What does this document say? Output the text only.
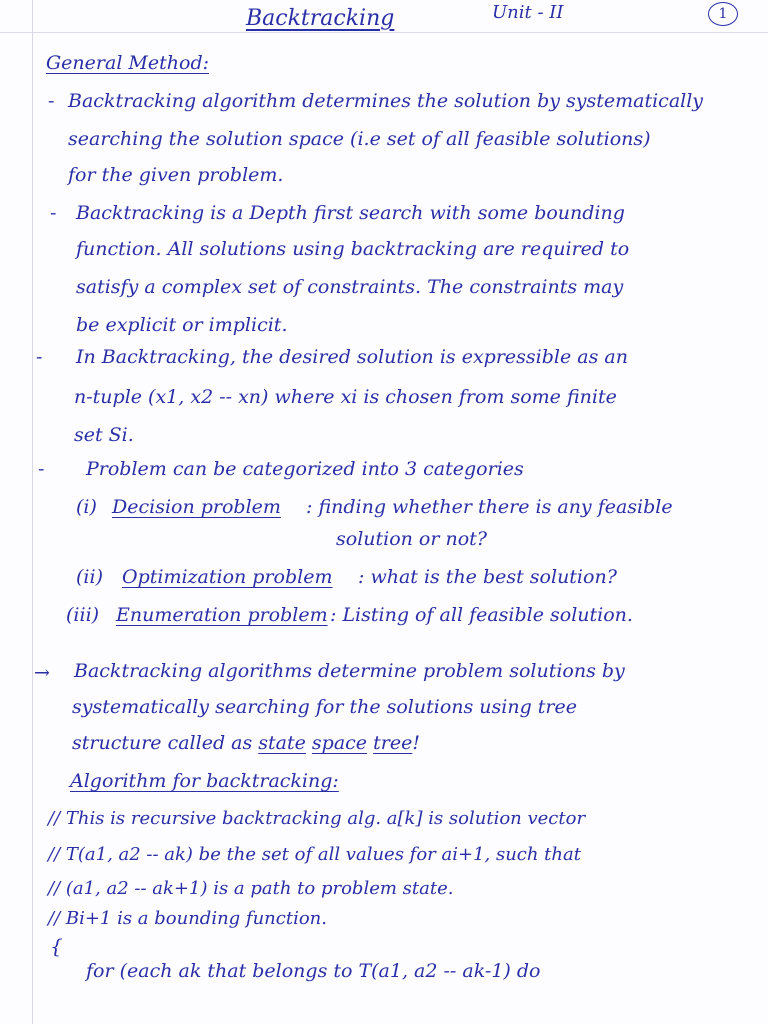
Backtracking	Unit - II	1
General Method:
- Backtracking algorithm determines the solution by systematically
searching the solution space (i.e set of all feasible solutions)
for the given problem.
- Backtracking is a Depth first search with some bounding
function. All solutions using backtracking are required to
satisfy a complex set of constraints. The constraints may
be explicit or implicit.
- In Backtracking, the desired solution is expressible as an
n-tuple (x1, x2 -- xn) where xi is chosen from some finite
set Si.
- Problem can be categorized into 3 categories
(i) Decision problem : finding whether there is any feasible
solution or not?
(ii) Optimization problem : what is the best solution?
(iii) Enumeration problem : Listing of all feasible solution.
→ Backtracking algorithms determine problem solutions by
systematically searching for the solutions using tree
structure called as state space tree!
Algorithm for backtracking:
// This is recursive backtracking alg. a[k] is solution vector
// T(a1, a2 -- ak) be the set of all values for ai+1, such that
// (a1, a2 -- ak+1) is a path to problem state.
// Bi+1 is a bounding function.
{
for (each ak that belongs to T(a1, a2 -- ak-1) do
